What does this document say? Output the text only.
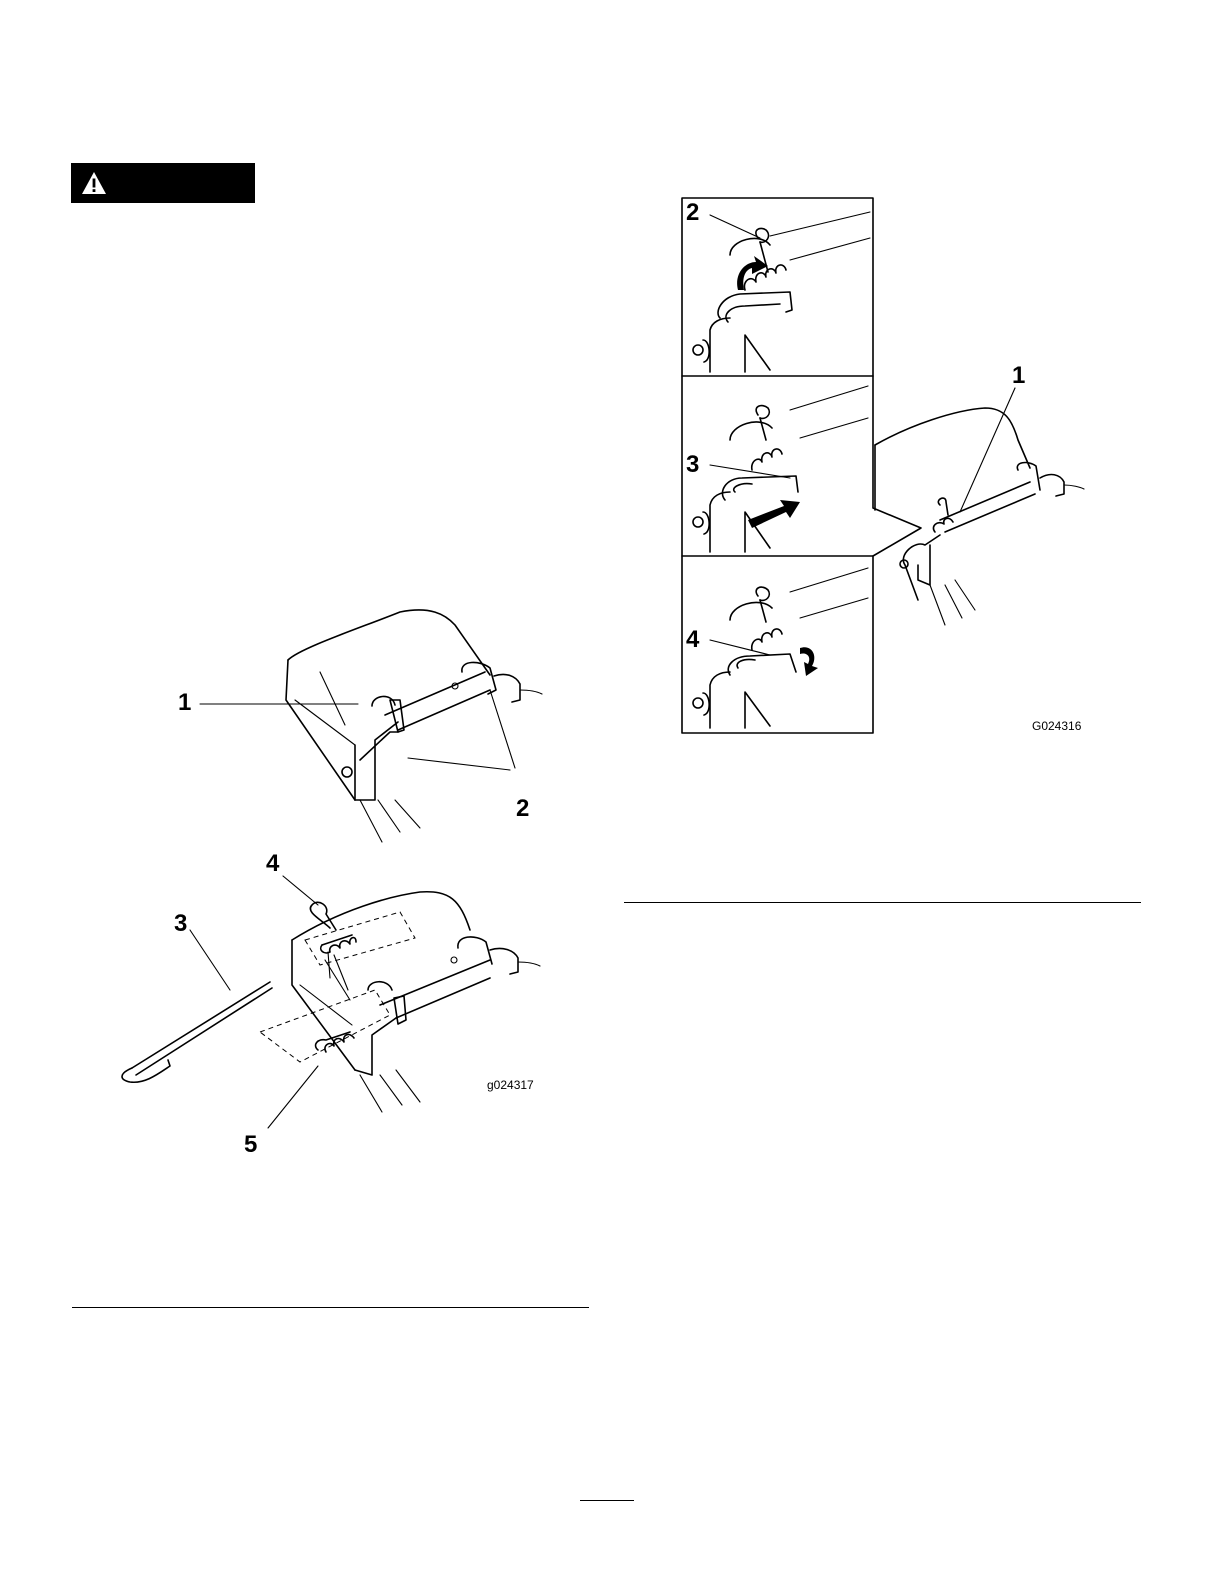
1
2
3
4
5
g024317
1
2
3
4
G024316
